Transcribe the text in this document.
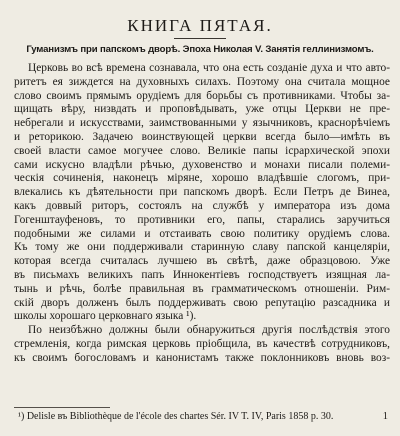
КНИГА ПЯТАЯ.
Гуманизмъ при папскомъ дворѣ. Эпоха Николая V. Занятія геллинизмомъ.
Церковь во всѣ времена сознавала, что она есть созданіе духа и что авто-
ритетъ ея зиждется на духовныхъ силахъ. Поэтому она считала мощное
слово своимъ прямымъ орудіемъ для борьбы съ противниками. Чтобы за-
щищать вѣру, низвдать и проповѣдывать, уже отцы Церкви не пре-
небрегали и искусствами, заимствованными у язычниковъ, краснорѣчіемъ
и реторикою. Задачею воинствующей церкви всегда было—имѣть въ
своей власти самое могучее слово. Великіе папы ісрархической эпохи
сами искусно владѣли рѣчью, духовенство и монахи писали полеми-
ческія сочиненія, наконецъ міряне, хорошо владѣвшіе слогомъ, при-
влекались къ дѣятельности при папскомъ дворѣ. Если Петръ де Винеа,
какъ доввый риторъ, состоялъ на службѣ у императора изъ дома
Гогенштауфеновъ, то противники его, папы, старались заручиться
подобными же силами и отстаивать свою политику орудіемъ слова.
Къ тому же они поддерживали старинную славу папской канцеляріи,
которая всегда считалась лучшею въ свѣтѣ, даже образцовою. Уже
въ письмахъ великихъ папъ Иннокентіевъ господствуетъ изящная ла-
тынь и рѣчь, болѣе правильная въ грамматическомъ отношеніи. Рим-
скій дворъ долженъ былъ поддерживать свою репутацію разсадника и
школы хорошаго церковнаго языка ¹).
По неизбѣжно должны были обнаружиться другія послѣдствія этого
стремленія, когда римская церковь пріобщила, въ качествѣ сотрудниковъ,
къ своимъ богословамъ и канонистамъ также поклонниковъ вновь воз-
¹) Delisle въ Bibliothèque de l'école des chartes Sér. IV T. IV, Paris 1858 р. 30.	1
